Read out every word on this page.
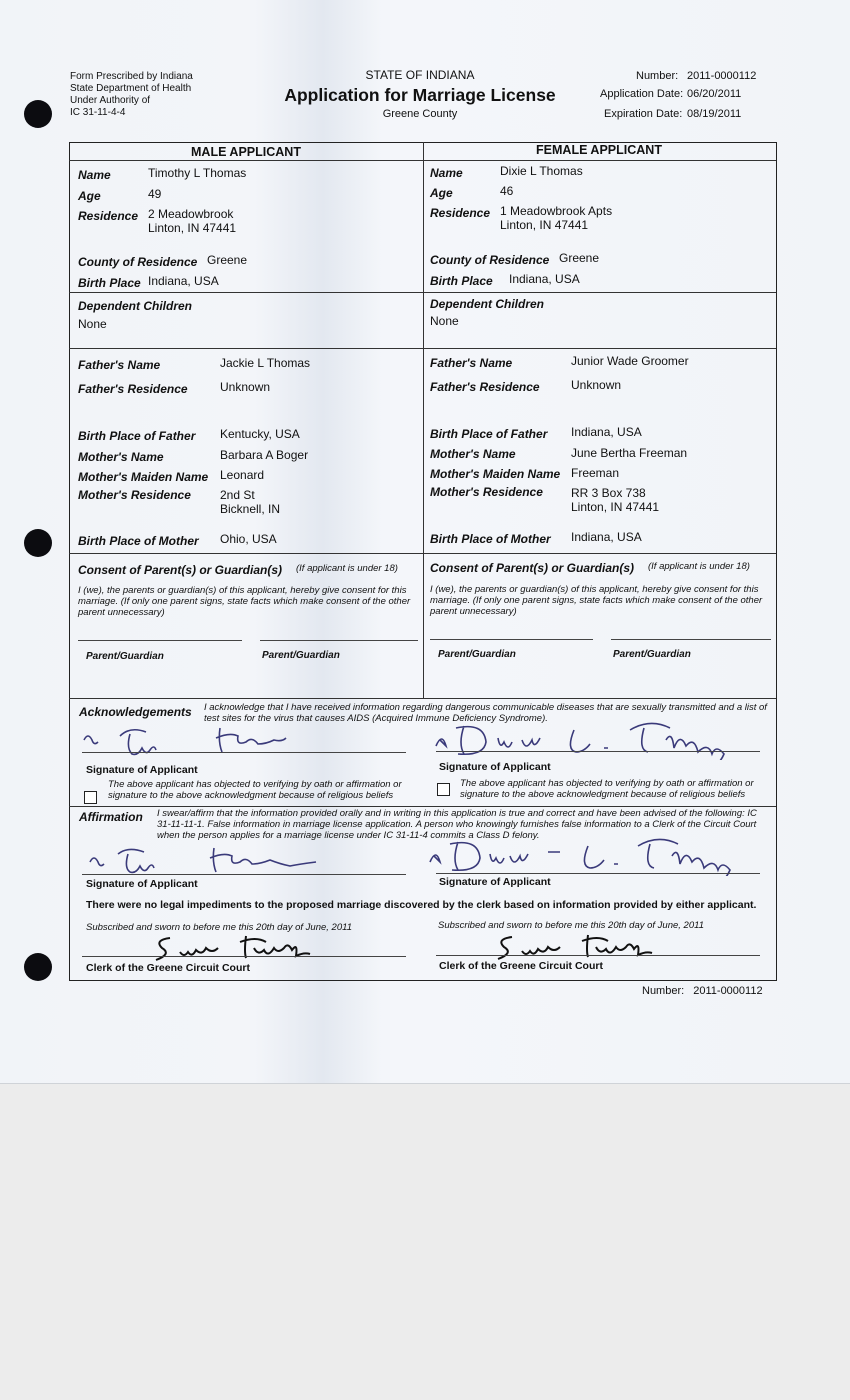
Form Prescribed by Indiana
State Department of Health
Under Authority of
IC 31-11-4-4
STATE OF INDIANA
Application for Marriage License
Greene County
Number: 2011-0000112
Application Date: 06/20/2011
Expiration Date: 08/19/2011
MALE APPLICANT	FEMALE APPLICANT
Name	Timothy L Thomas
Age	49
Residence 2 Meadowbrook
Linton, IN 47441
County of Residence Greene
Birth Place Indiana, USA
Dependent Children
None
Father's Name	Jackie L Thomas
Father's Residence	Unknown
Birth Place of Father Kentucky, USA
Mother's Name	Barbara A Boger
Mother's Maiden Name Leonard
Mother's Residence 2nd St
Bicknell, IN
Birth Place of Mother Ohio, USA
Consent of Parent(s) or Guardian(s) (If applicant is under 18)
I (we), the parents or guardian(s) of this applicant, hereby give consent for this marriage. (If only one parent signs, state facts which make consent of the other parent unnecessary)
Parent/Guardian	Parent/Guardian
Name	Dixie L Thomas
Age	46
Residence 1 Meadowbrook Apts
Linton, IN 47441
County of Residence Greene
Birth Place Indiana, USA
Dependent Children
None
Father's Name	Junior Wade Groomer
Father's Residence	Unknown
Birth Place of Father Indiana, USA
Mother's Name	June Bertha Freeman
Mother's Maiden Name Freeman
Mother's Residence RR 3 Box 738
Linton, IN 47441
Birth Place of Mother Indiana, USA
Consent of Parent(s) or Guardian(s) (If applicant is under 18)
I (we), the parents or guardian(s) of this applicant, hereby give consent for this marriage. (If only one parent signs, state facts which make consent of the other parent unnecessary)
Parent/Guardian	Parent/Guardian
Acknowledgements I acknowledge that I have received information regarding dangerous communicable diseases that are sexually transmitted and a list of test sites for the virus that causes AIDS (Acquired Immune Deficiency Syndrome).
Signature of Applicant	Signature of Applicant
The above applicant has objected to verifying by oath or affirmation or signature to the above acknowledgment because of religious beliefs
The above applicant has objected to verifying by oath or affirmation or signature to the above acknowledgment because of religious beliefs
Affirmation I swear/affirm that the information provided orally and in writing in this application is true and correct and have been advised of the following: IC 31-11-11-1. False information in marriage license application. A person who knowingly furnishes false information to a Clerk of the Circuit Court when the person applies for a marriage license under IC 31-11-4 commits a Class D felony.
Signature of Applicant	Signature of Applicant
There were no legal impediments to the proposed marriage discovered by the clerk based on information provided by either applicant.
Subscribed and sworn to before me this 20th day of June, 2011	Subscribed and sworn to before me this 20th day of June, 2011
Clerk of the Greene Circuit Court	Clerk of the Greene Circuit Court
Number: 2011-0000112
